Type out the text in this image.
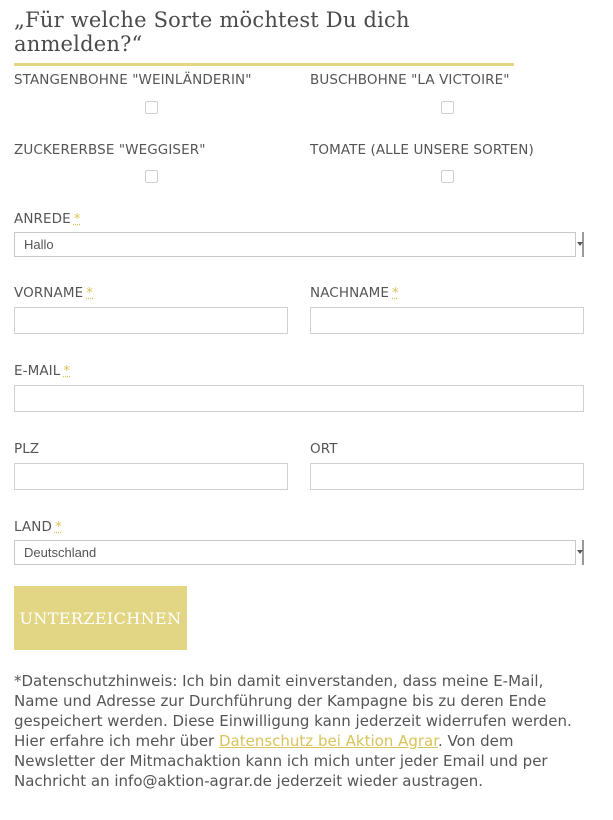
„Für welche Sorte möchtest Du dich anmelden?“
STANGENBOHNE "WEINLÄNDERIN"	BUSCHBOHNE "LA VICTOIRE"
ZUCKERERBSE "WEGGISER"	TOMATE (ALLE UNSERE SORTEN)
ANREDE *
Hallo
VORNAME *	NACHNAME *
E-MAIL *
PLZ	ORT
LAND *
Deutschland
UNTERZEICHNEN
*Datenschutzhinweis: Ich bin damit einverstanden, dass meine E-Mail, Name und Adresse zur Durchführung der Kampagne bis zu deren Ende gespeichert werden. Diese Einwilligung kann jederzeit widerrufen werden. Hier erfahre ich mehr über Datenschutz bei Aktion Agrar. Von dem Newsletter der Mitmachaktion kann ich mich unter jeder Email und per Nachricht an info@aktion-agrar.de jederzeit wieder austragen.
